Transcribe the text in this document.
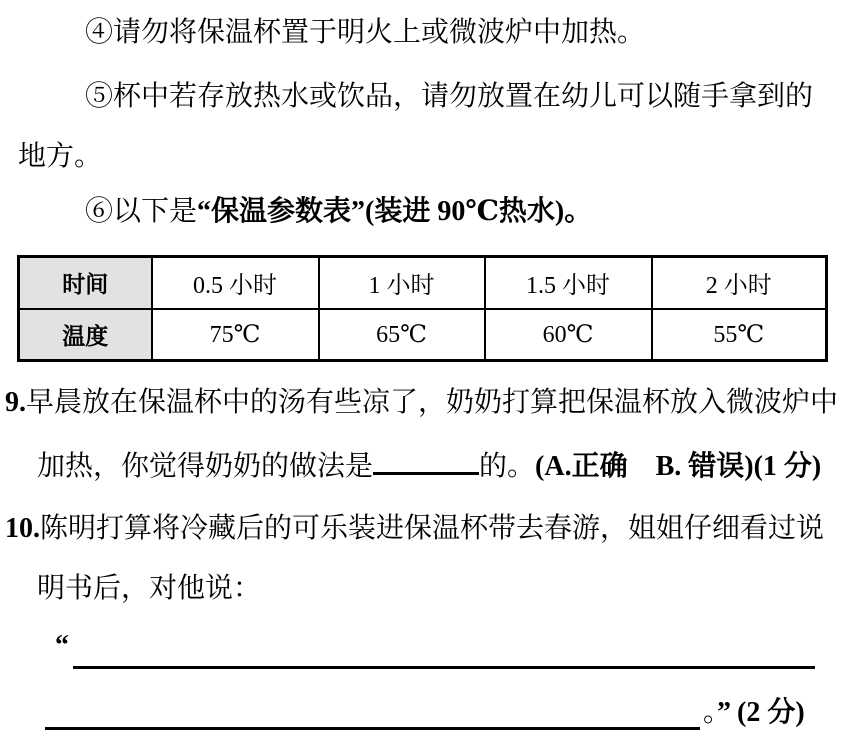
④请勿将保温杯置于明火上或微波炉中加热。
⑤杯中若存放热水或饮品，请勿放置在幼儿可以随手拿到的
地方。
⑥以下是“保温参数表”(装进 90℃热水)。
时间	0.5 小时	1 小时	1.5 小时	2 小时
温度	75℃	65℃	60℃	55℃
9.早晨放在保温杯中的汤有些凉了，奶奶打算把保温杯放入微波炉中
加热，你觉得奶奶的做法是	的。(A.正确　B. 错误)(1 分)
10.陈明打算将冷藏后的可乐装进保温杯带去春游，姐姐仔细看过说
明书后，对他说：
“
。” (2 分)
